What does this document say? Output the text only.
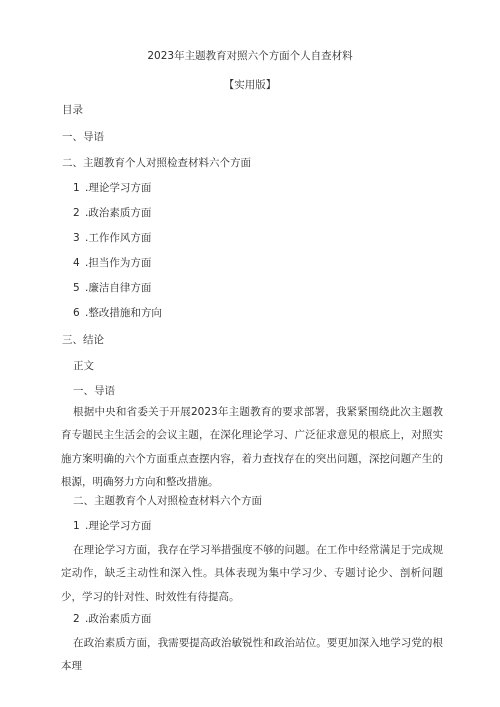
2023年主题教育对照六个方面个人自查材料
【实用版】
目录
一、导语
二、主题教育个人对照检查材料六个方面
1 .理论学习方面
2 .政治素质方面
3 .工作作风方面
4 .担当作为方面
5 .廉洁自律方面
6 .整改措施和方向
三、结论
正文
一、导语
根据中央和省委关于开展2023年主题教育的要求部署，我紧紧围绕此次主题教育专题民主生活会的会议主题，在深化理论学习、广泛征求意见的根底上，对照实施方案明确的六个方面重点查摆内容，着力查找存在的突出问题，深挖问题产生的根源，明确努力方向和整改措施。
二、主题教育个人对照检查材料六个方面
1 .理论学习方面
在理论学习方面，我存在学习举措强度不够的问题。在工作中经常满足于完成规定动作，缺乏主动性和深入性。具体表现为集中学习少、专题讨论少、剖析问题少，学习的针对性、时效性有待提高。
2 .政治素质方面
在政治素质方面，我需要提高政治敏锐性和政治站位。要更加深入地学习党的根本理
